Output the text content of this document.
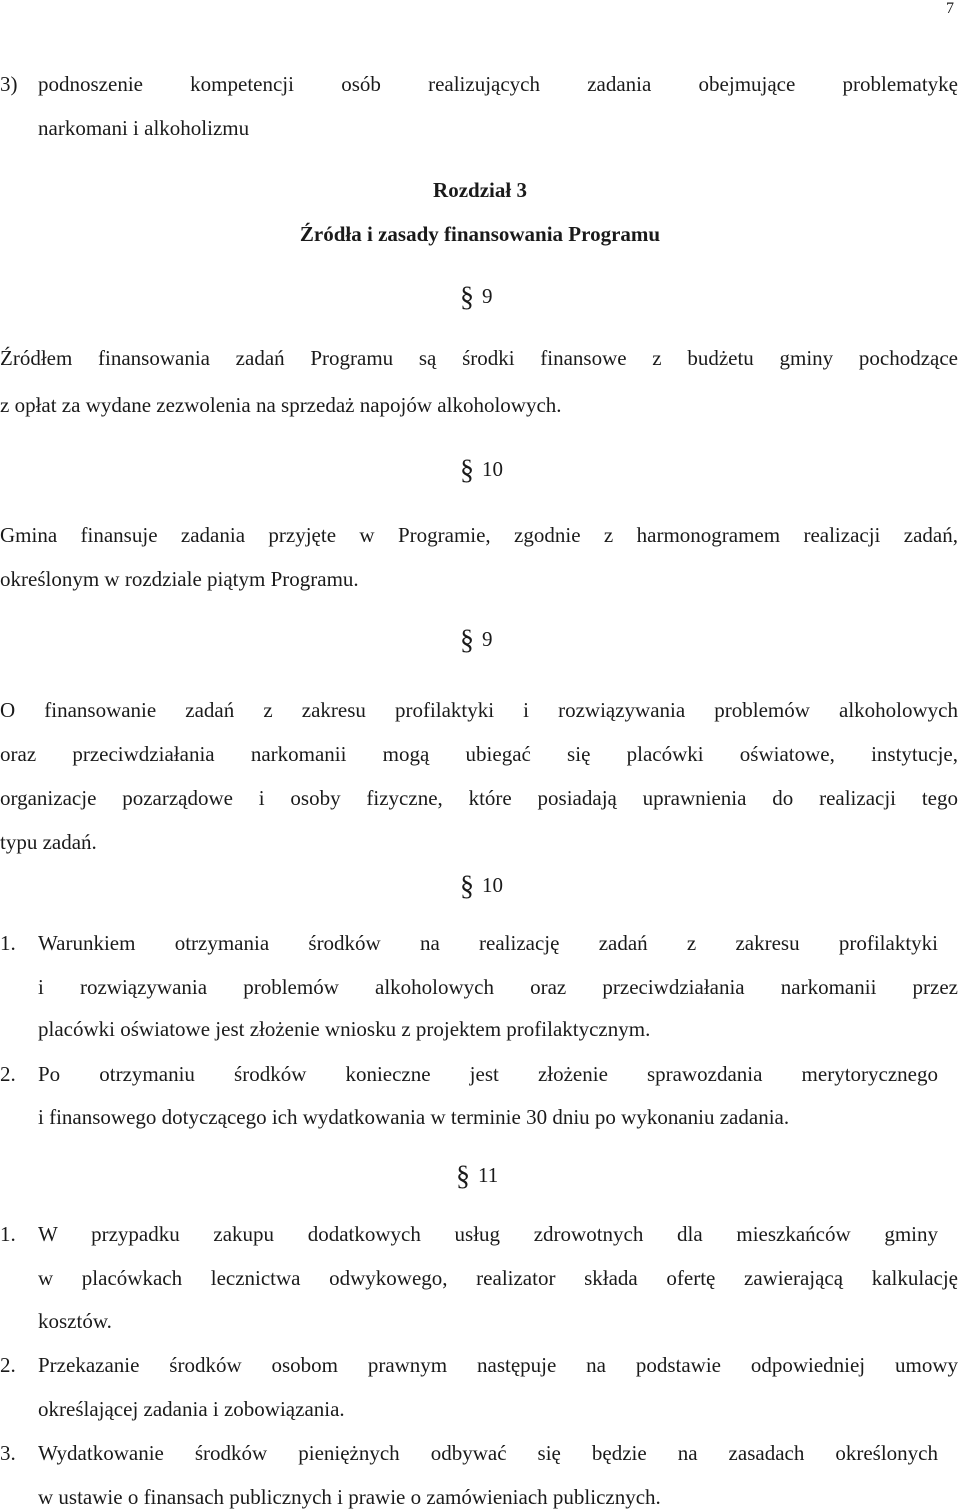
7
3) podnoszenie kompetencji osób realizujących zadania obejmujące problematykę
narkomani i alkoholizmu
Rozdział 3
Źródła i zasady finansowania Programu
§ 9
Źródłem finansowania zadań Programu są środki finansowe z budżetu gminy pochodzące
z opłat za wydane zezwolenia na sprzedaż napojów alkoholowych.
§ 10
Gmina finansuje zadania przyjęte w Programie, zgodnie z harmonogramem realizacji zadań,
określonym w rozdziale piątym Programu.
§ 9
O finansowanie zadań z zakresu profilaktyki i rozwiązywania problemów alkoholowych
oraz przeciwdziałania narkomanii mogą ubiegać się placówki oświatowe, instytucje,
organizacje pozarządowe i osoby fizyczne, które posiadają uprawnienia do realizacji tego
typu zadań.
§ 10
1. Warunkiem otrzymania środków na realizację zadań z zakresu profilaktyki
i rozwiązywania problemów alkoholowych oraz przeciwdziałania narkomanii przez
placówki oświatowe jest złożenie wniosku z projektem profilaktycznym.
2. Po otrzymaniu środków konieczne jest złożenie sprawozdania merytorycznego
i finansowego dotyczącego ich wydatkowania w terminie 30 dniu po wykonaniu zadania.
§ 11
1. W przypadku zakupu dodatkowych usług zdrowotnych dla mieszkańców gminy
w placówkach lecznictwa odwykowego, realizator składa ofertę zawierającą kalkulację
kosztów.
2. Przekazanie środków osobom prawnym następuje na podstawie odpowiedniej umowy
określającej zadania i zobowiązania.
3. Wydatkowanie środków pieniężnych odbywać się będzie na zasadach określonych
w ustawie o finansach publicznych i prawie o zamówieniach publicznych.
